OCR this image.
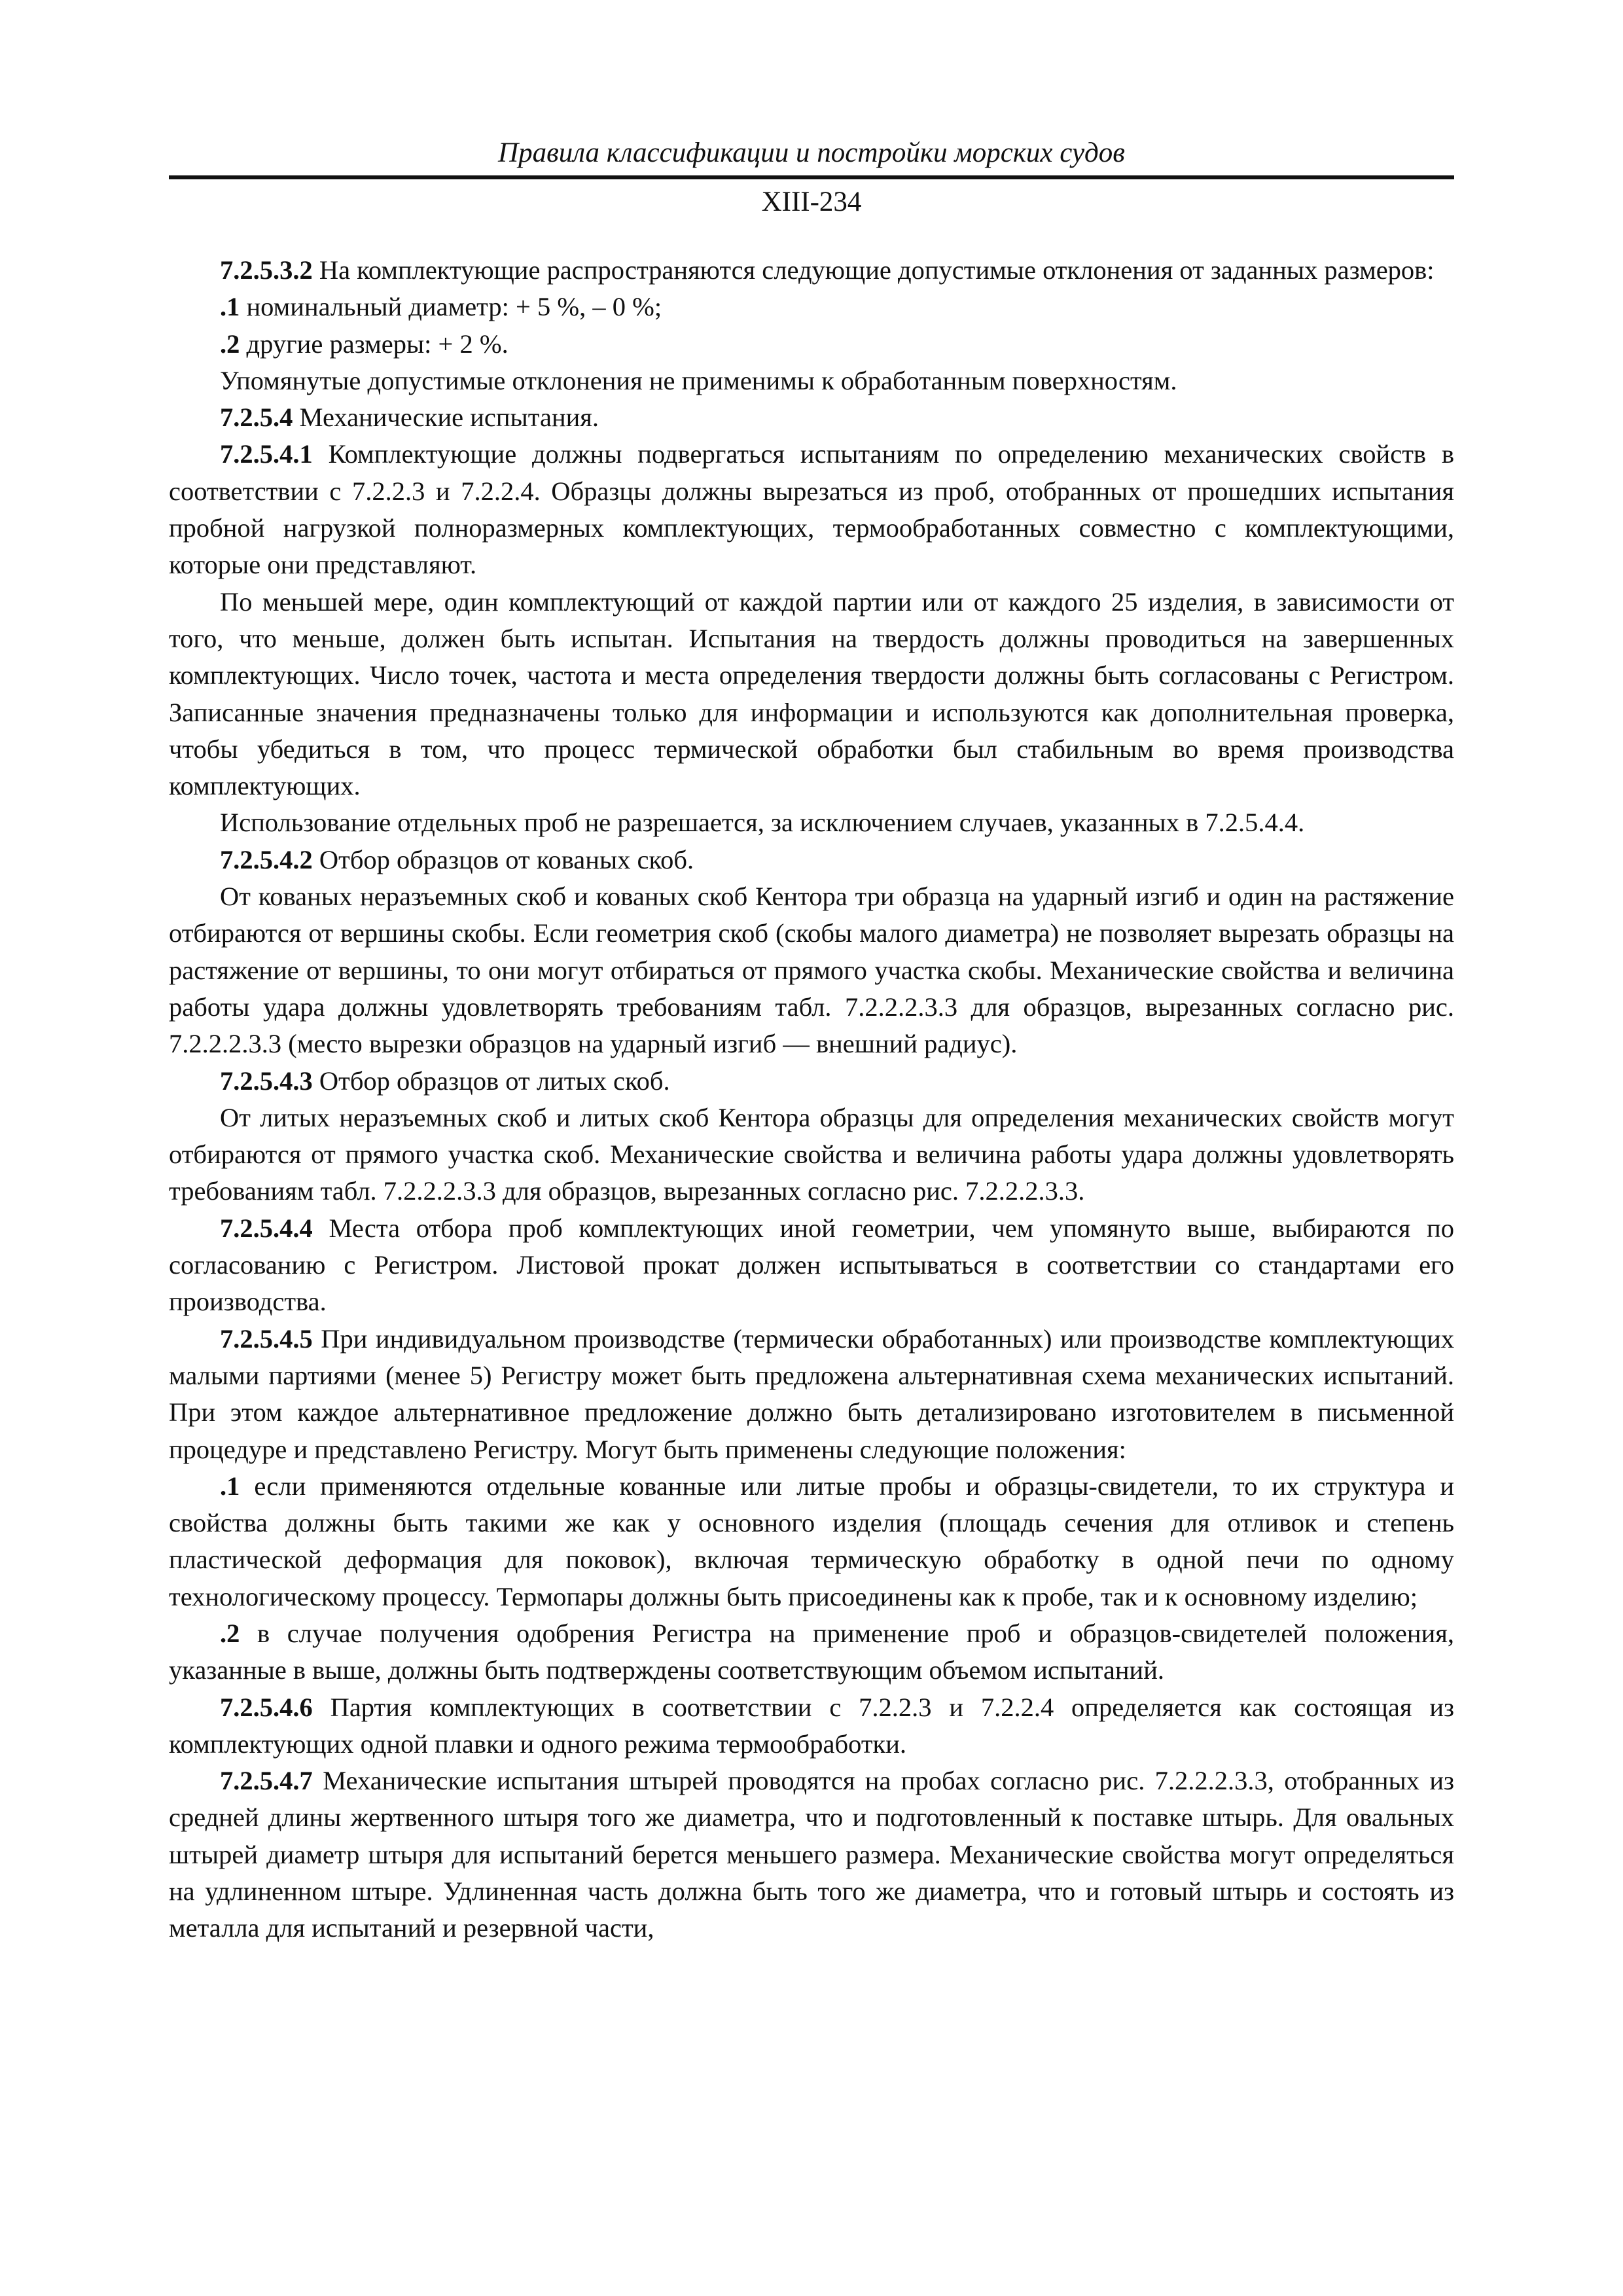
Правила классификации и постройки морских судов
XIII-234

7.2.5.3.2 На комплектующие распространяются следующие допустимые отклонения от заданных размеров:

.1 номинальный диаметр: + 5 %, – 0 %;

.2 другие размеры: + 2 %.

Упомянутые допустимые отклонения не применимы к обработанным поверхностям.

7.2.5.4 Механические испытания.

7.2.5.4.1 Комплектующие должны подвергаться испытаниям по определению механических свойств в соответствии с 7.2.2.3 и 7.2.2.4. Образцы должны вырезаться из проб, отобранных от прошедших испытания пробной нагрузкой полноразмерных комплектующих, термообработанных совместно с комплектующими, которые они представляют.

По меньшей мере, один комплектующий от каждой партии или от каждого 25 изделия, в зависимости от того, что меньше, должен быть испытан. Испытания на твердость должны проводиться на завершенных комплектующих. Число точек, частота и места определения твердости должны быть согласованы с Регистром. Записанные значения предназначены только для информации и используются как дополнительная проверка, чтобы убедиться в том, что процесс термической обработки был стабильным во время производства комплектующих.

Использование отдельных проб не разрешается, за исключением случаев, указанных в 7.2.5.4.4.

7.2.5.4.2 Отбор образцов от кованых скоб.

От кованых неразъемных скоб и кованых скоб Кентора три образца на ударный изгиб и один на растяжение отбираются от вершины скобы. Если геометрия скоб (скобы малого диаметра) не позволяет вырезать образцы на растяжение от вершины, то они могут отбираться от прямого участка скобы. Механические свойства и величина работы удара должны удовлетворять требованиям табл. 7.2.2.2.3.3 для образцов, вырезанных согласно рис. 7.2.2.2.3.3 (место вырезки образцов на ударный изгиб — внешний радиус).

7.2.5.4.3 Отбор образцов от литых скоб.

От литых неразъемных скоб и литых скоб Кентора образцы для определения механических свойств могут отбираются от прямого участка скоб. Механические свойства и величина работы удара должны удовлетворять требованиям табл. 7.2.2.2.3.3 для образцов, вырезанных согласно рис. 7.2.2.2.3.3.

7.2.5.4.4 Места отбора проб комплектующих иной геометрии, чем упомянуто выше, выбираются по согласованию с Регистром. Листовой прокат должен испытываться в соответствии со стандартами его производства.

7.2.5.4.5 При индивидуальном производстве (термически обработанных) или производстве комплектующих малыми партиями (менее 5) Регистру может быть предложена альтернативная схема механических испытаний. При этом каждое альтернативное предложение должно быть детализировано изготовителем в письменной процедуре и представлено Регистру. Могут быть применены следующие положения:

.1 если применяются отдельные кованные или литые пробы и образцы-свидетели, то их структура и свойства должны быть такими же как у основного изделия (площадь сечения для отливок и степень пластической деформация для поковок), включая термическую обработку в одной печи по одному технологическому процессу. Термопары должны быть присоединены как к пробе, так и к основному изделию;

.2 в случае получения одобрения Регистра на применение проб и образцов-свидетелей положения, указанные в выше, должны быть подтверждены соответствующим объемом испытаний.

7.2.5.4.6 Партия комплектующих в соответствии с 7.2.2.3 и 7.2.2.4 определяется как состоящая из комплектующих одной плавки и одного режима термообработки.

7.2.5.4.7 Механические испытания штырей проводятся на пробах согласно рис. 7.2.2.2.3.3, отобранных из средней длины жертвенного штыря того же диаметра, что и подготовленный к поставке штырь. Для овальных штырей диаметр штыря для испытаний берется меньшего размера. Механические свойства могут определяться на удлиненном штыре. Удлиненная часть должна быть того же диаметра, что и готовый штырь и состоять из металла для испытаний и резервной части,
